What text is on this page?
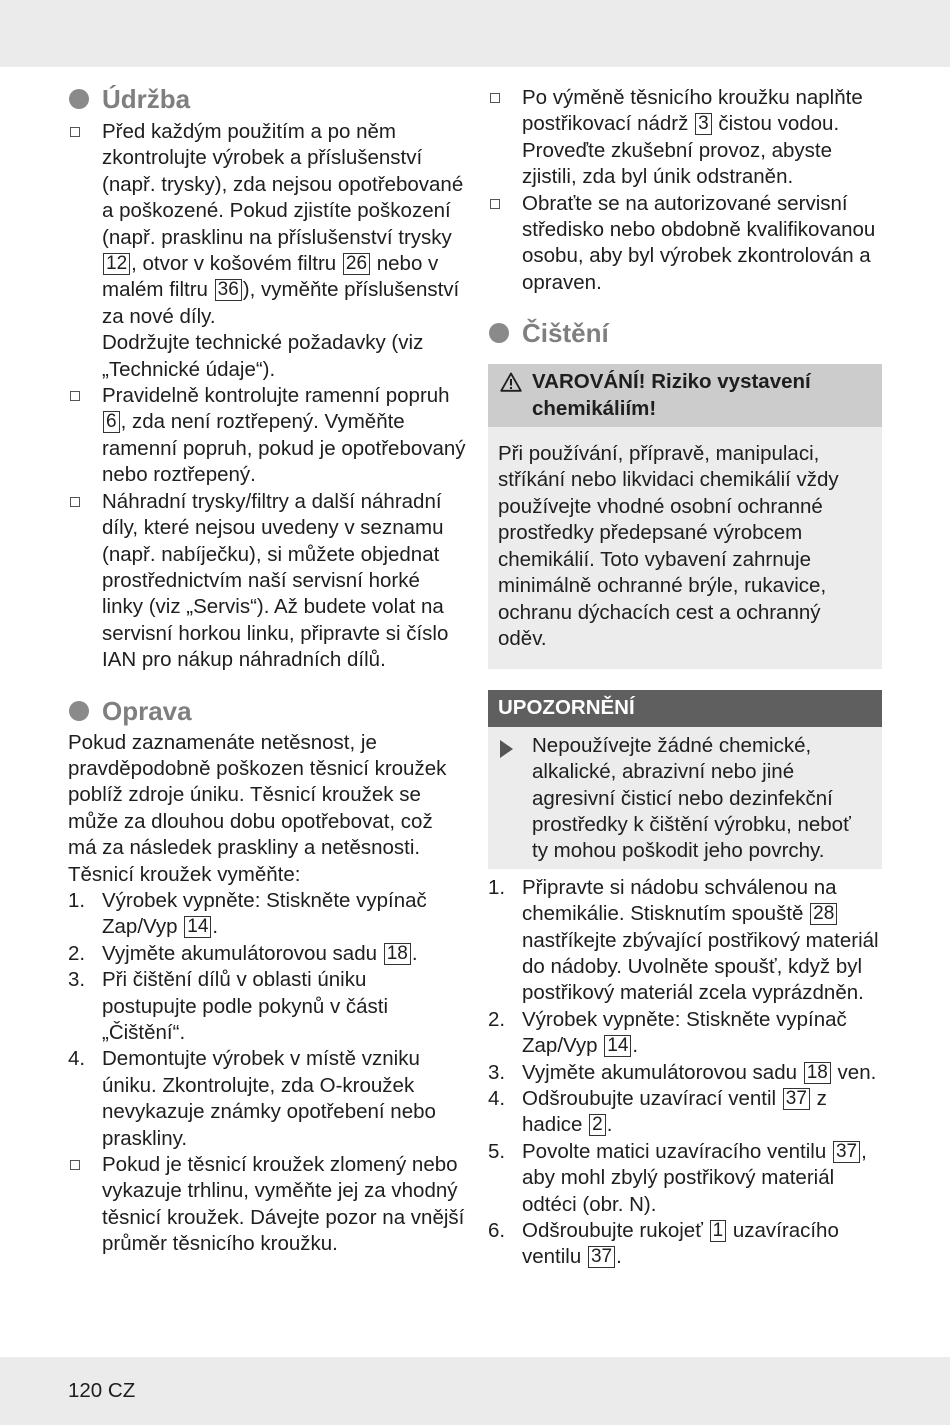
Údržba
Před každým použitím a po něm zkontrolujte výrobek a příslušenství (např. trysky), zda nejsou opotřebované a poškozené. Pokud zjistíte poškození (např. prasklinu na příslušenství trysky 12 , otvor v košovém filtru 26 nebo v malém filtru 36 ), vyměňte příslušenství za nové díly.
Dodržujte technické požadavky (viz „Technické údaje“).
Pravidelně kontrolujte ramenní popruh 6 , zda není roztřepený. Vyměňte ramenní popruh, pokud je opotřebovaný nebo roztřepený.
Náhradní trysky/filtry a další náhradní díly, které nejsou uvedeny v seznamu (např. nabíječku), si můžete objednat prostřednictvím naší servisní horké linky (viz „Servis“). Až budete volat na servisní horkou linku, připravte si číslo IAN pro nákup náhradních dílů.
Oprava

Pokud zaznamenáte netěsnost, je pravděpodobně poškozen těsnicí kroužek poblíž zdroje úniku. Těsnicí kroužek se může za dlouhou dobu opotřebovat, což má za následek praskliny a netěsnosti. Těsnicí kroužek vyměňte:

1. Výrobek vypněte: Stiskněte vypínač Zap/Vyp 14 .
2. Vyjměte akumulátorovou sadu 18 .
3. Při čištění dílů v oblasti úniku postupujte podle pokynů v části „Čištění“.
4. Demontujte výrobek v místě vzniku úniku. Zkontrolujte, zda O-kroužek nevykazuje známky opotřebení nebo praskliny.
Pokud je těsnicí kroužek zlomený nebo vykazuje trhlinu, vyměňte jej za vhodný těsnicí kroužek. Dávejte pozor na vnější průměr těsnicího kroužku.
Po výměně těsnicího kroužku naplňte postřikovací nádrž 3 čistou vodou. Proveďte zkušební provoz, abyste zjistili, zda byl únik odstraněn.
Obraťte se na autorizované servisní středisko nebo obdobně kvalifikovanou osobu, aby byl výrobek zkontrolován a opraven.
Čištění
VAROVÁNÍ! Riziko vystavení chemikáliím!
Při používání, přípravě, manipulaci, stříkání nebo likvidaci chemikálií vždy používejte vhodné osobní ochranné prostředky předepsané výrobcem chemikálií. Toto vybavení zahrnuje minimálně ochranné brýle, rukavice, ochranu dýchacích cest a ochranný oděv.
UPOZORNĚNÍ
Nepoužívejte žádné chemické, alkalické, abrazivní nebo jiné agresivní čisticí nebo dezinfekční prostředky k čištění výrobku, neboť ty mohou poškodit jeho povrchy.
1. Připravte si nádobu schválenou na chemikálie. Stisknutím spouště 28 nastříkejte zbývající postřikový materiál do nádoby. Uvolněte spoušť, když byl postřikový materiál zcela vyprázdněn.
2. Výrobek vypněte: Stiskněte vypínač Zap/Vyp 14 .
3. Vyjměte akumulátorovou sadu 18 ven.
4. Odšroubujte uzavírací ventil 37 z hadice 2 .
5. Povolte matici uzavíracího ventilu 37 , aby mohl zbylý postřikový materiál odtéci (obr. N).
6. Odšroubujte rukojeť 1 uzavíracího ventilu 37 .
120 CZ
